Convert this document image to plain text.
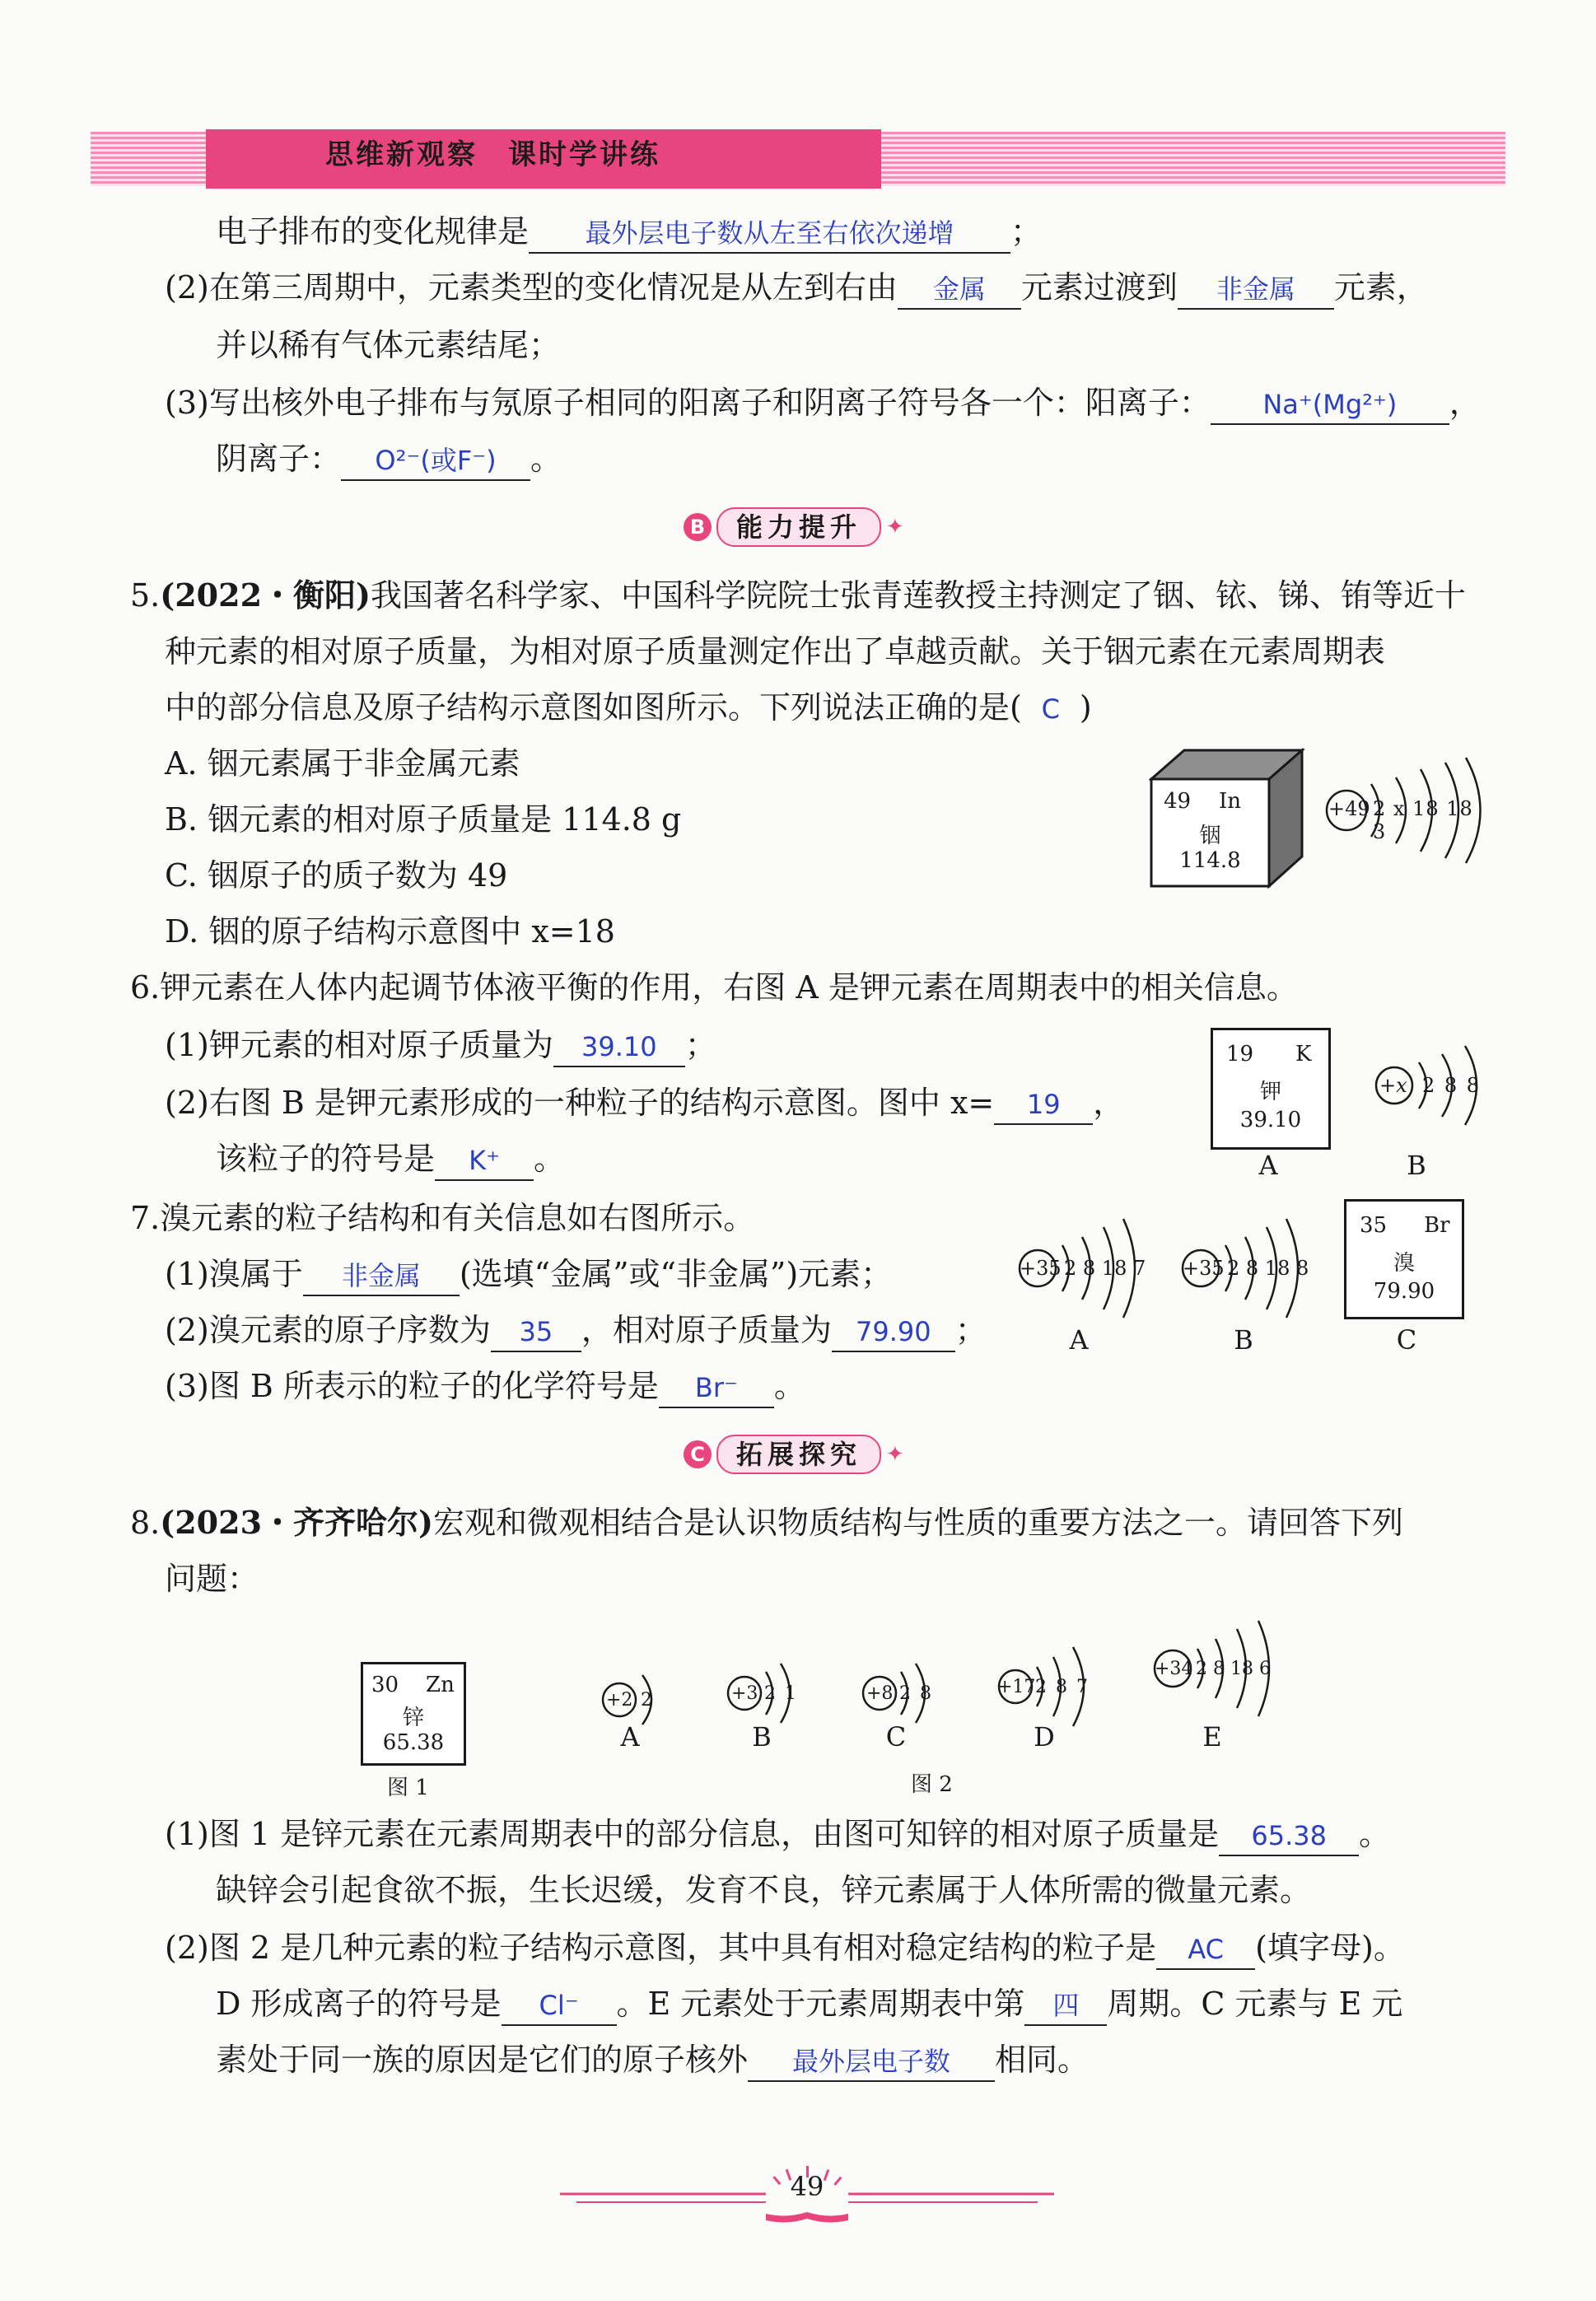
思维新观察　课时学讲练
电子排布的变化规律是 最外层电子数从左至右依次递增 ；
(2)在第三周期中，元素类型的变化情况是从左到右由 金属 元素过渡到 非金属 元素，
并以稀有气体元素结尾；
(3)写出核外电子排布与氖原子相同的阳离子和阴离子符号各一个：阳离子： Na⁺(Mg²⁺) ，
阴离子： O²⁻(或F⁻) 。
B	能力提升	✦
5.(2022・衡阳)我国著名科学家、中国科学院院士张青莲教授主持测定了铟、铱、锑、铕等近十
种元素的相对原子质量，为相对原子质量测定作出了卓越贡献。关于铟元素在元素周期表
中的部分信息及原子结构示意图如图所示。下列说法正确的是( C )
A. 铟元素属于非金属元素
B. 铟元素的相对原子质量是 114.8 g
C. 铟原子的质子数为 49
D. 铟的原子结构示意图中 x=18
49 In
铟
114.8
+49 2 x 18 18 3
6.钾元素在人体内起调节体液平衡的作用，右图 A 是钾元素在周期表中的相关信息。
(1)钾元素的相对原子质量为 39.10 ；
(2)右图 B 是钾元素形成的一种粒子的结构示意图。图中 x= 19 ，
该粒子的符号是 K⁺ 。
19 K
钾
39.10
A
+x 2 8 8
B
7.溴元素的粒子结构和有关信息如右图所示。
(1)溴属于 非金属 (选填“金属”或“非金属”)元素；
(2)溴元素的原子序数为 35 ，相对原子质量为 79.90 ；
(3)图 B 所表示的粒子的化学符号是 Br⁻ 。
+35 2 8 18 7
A
+35 2 8 18 8
B
35 Br
溴
79.90
C
C	拓展探究	✦
8.(2023・齐齐哈尔)宏观和微观相结合是认识物质结构与性质的重要方法之一。请回答下列
问题：
30 Zn
锌
65.38
图 1
+2 2
A
+3 2 1
B
+8 2 8
C
+17 2 8 7
D
+34 2 8 18 6
E
图 2
(1)图 1 是锌元素在元素周期表中的部分信息，由图可知锌的相对原子质量是 65.38 。
缺锌会引起食欲不振，生长迟缓，发育不良，锌元素属于人体所需的微量元素。
(2)图 2 是几种元素的粒子结构示意图，其中具有相对稳定结构的粒子是 AC (填字母)。
D 形成离子的符号是 Cl⁻ 。E 元素处于元素周期表中第 四 周期。C 元素与 E 元
素处于同一族的原因是它们的原子核外 最外层电子数 相同。
49
